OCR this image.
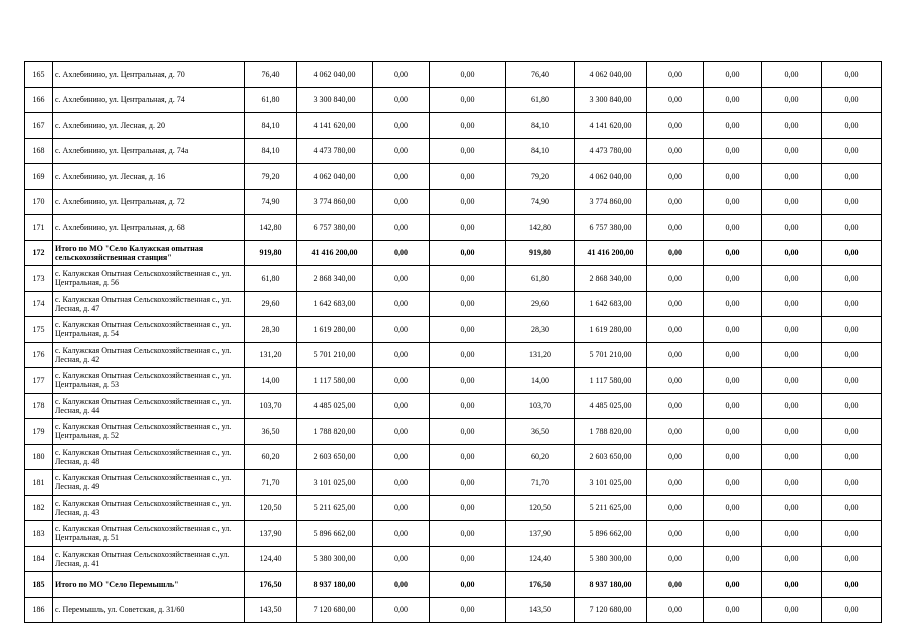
165	с. Ахлебинино, ул. Центральная, д. 70	76,40	4 062 040,00	0,00	0,00	76,40	4 062 040,00	0,00	0,00	0,00	0,00
166	с. Ахлебинино, ул. Центральная, д. 74	61,80	3 300 840,00	0,00	0,00	61,80	3 300 840,00	0,00	0,00	0,00	0,00
167	с. Ахлебинино, ул. Лесная, д. 20	84,10	4 141 620,00	0,00	0,00	84,10	4 141 620,00	0,00	0,00	0,00	0,00
168	с. Ахлебинино, ул. Центральная, д. 74а	84,10	4 473 780,00	0,00	0,00	84,10	4 473 780,00	0,00	0,00	0,00	0,00
169	с. Ахлебинино, ул. Лесная, д. 16	79,20	4 062 040,00	0,00	0,00	79,20	4 062 040,00	0,00	0,00	0,00	0,00
170	с. Ахлебинино, ул. Центральная, д. 72	74,90	3 774 860,00	0,00	0,00	74,90	3 774 860,00	0,00	0,00	0,00	0,00
171	с. Ахлебинино, ул. Центральная, д. 68	142,80	6 757 380,00	0,00	0,00	142,80	6 757 380,00	0,00	0,00	0,00	0,00
172	Итого по МО "Село Калужская опытная сельскохозяйственная станция"	919,80	41 416 200,00	0,00	0,00	919,80	41 416 200,00	0,00	0,00	0,00	0,00
173	с. Калужская Опытная Сельскохозяйственная с., ул. Центральная, д. 56	61,80	2 868 340,00	0,00	0,00	61,80	2 868 340,00	0,00	0,00	0,00	0,00
174	с. Калужская Опытная Сельскохозяйственная с., ул. Лесная, д. 47	29,60	1 642 683,00	0,00	0,00	29,60	1 642 683,00	0,00	0,00	0,00	0,00
175	с. Калужская Опытная Сельскохозяйственная с., ул. Центральная, д. 54	28,30	1 619 280,00	0,00	0,00	28,30	1 619 280,00	0,00	0,00	0,00	0,00
176	с. Калужская Опытная Сельскохозяйственная с., ул. Лесная, д. 42	131,20	5 701 210,00	0,00	0,00	131,20	5 701 210,00	0,00	0,00	0,00	0,00
177	с. Калужская Опытная Сельскохозяйственная с., ул. Центральная, д. 53	14,00	1 117 580,00	0,00	0,00	14,00	1 117 580,00	0,00	0,00	0,00	0,00
178	с. Калужская Опытная Сельскохозяйственная с., ул. Лесная, д. 44	103,70	4 485 025,00	0,00	0,00	103,70	4 485 025,00	0,00	0,00	0,00	0,00
179	с. Калужская Опытная Сельскохозяйственная с., ул. Центральная, д. 52	36,50	1 788 820,00	0,00	0,00	36,50	1 788 820,00	0,00	0,00	0,00	0,00
180	с. Калужская Опытная Сельскохозяйственная с., ул. Лесная, д. 48	60,20	2 603 650,00	0,00	0,00	60,20	2 603 650,00	0,00	0,00	0,00	0,00
181	с. Калужская Опытная Сельскохозяйственная с., ул. Лесная, д. 49	71,70	3 101 025,00	0,00	0,00	71,70	3 101 025,00	0,00	0,00	0,00	0,00
182	с. Калужская Опытная Сельскохозяйственная с., ул. Лесная, д. 43	120,50	5 211 625,00	0,00	0,00	120,50	5 211 625,00	0,00	0,00	0,00	0,00
183	с. Калужская Опытная Сельскохозяйственная с., ул. Центральная, д. 51	137,90	5 896 662,00	0,00	0,00	137,90	5 896 662,00	0,00	0,00	0,00	0,00
184	с. Калужская Опытная Сельскохозяйственная с.,ул. Лесная, д. 41	124,40	5 380 300,00	0,00	0,00	124,40	5 380 300,00	0,00	0,00	0,00	0,00
185	Итого по МО "Село Перемышль"	176,50	8 937 180,00	0,00	0,00	176,50	8 937 180,00	0,00	0,00	0,00	0,00
186	с. Перемышль, ул. Советская, д. 31/60	143,50	7 120 680,00	0,00	0,00	143,50	7 120 680,00	0,00	0,00	0,00	0,00
